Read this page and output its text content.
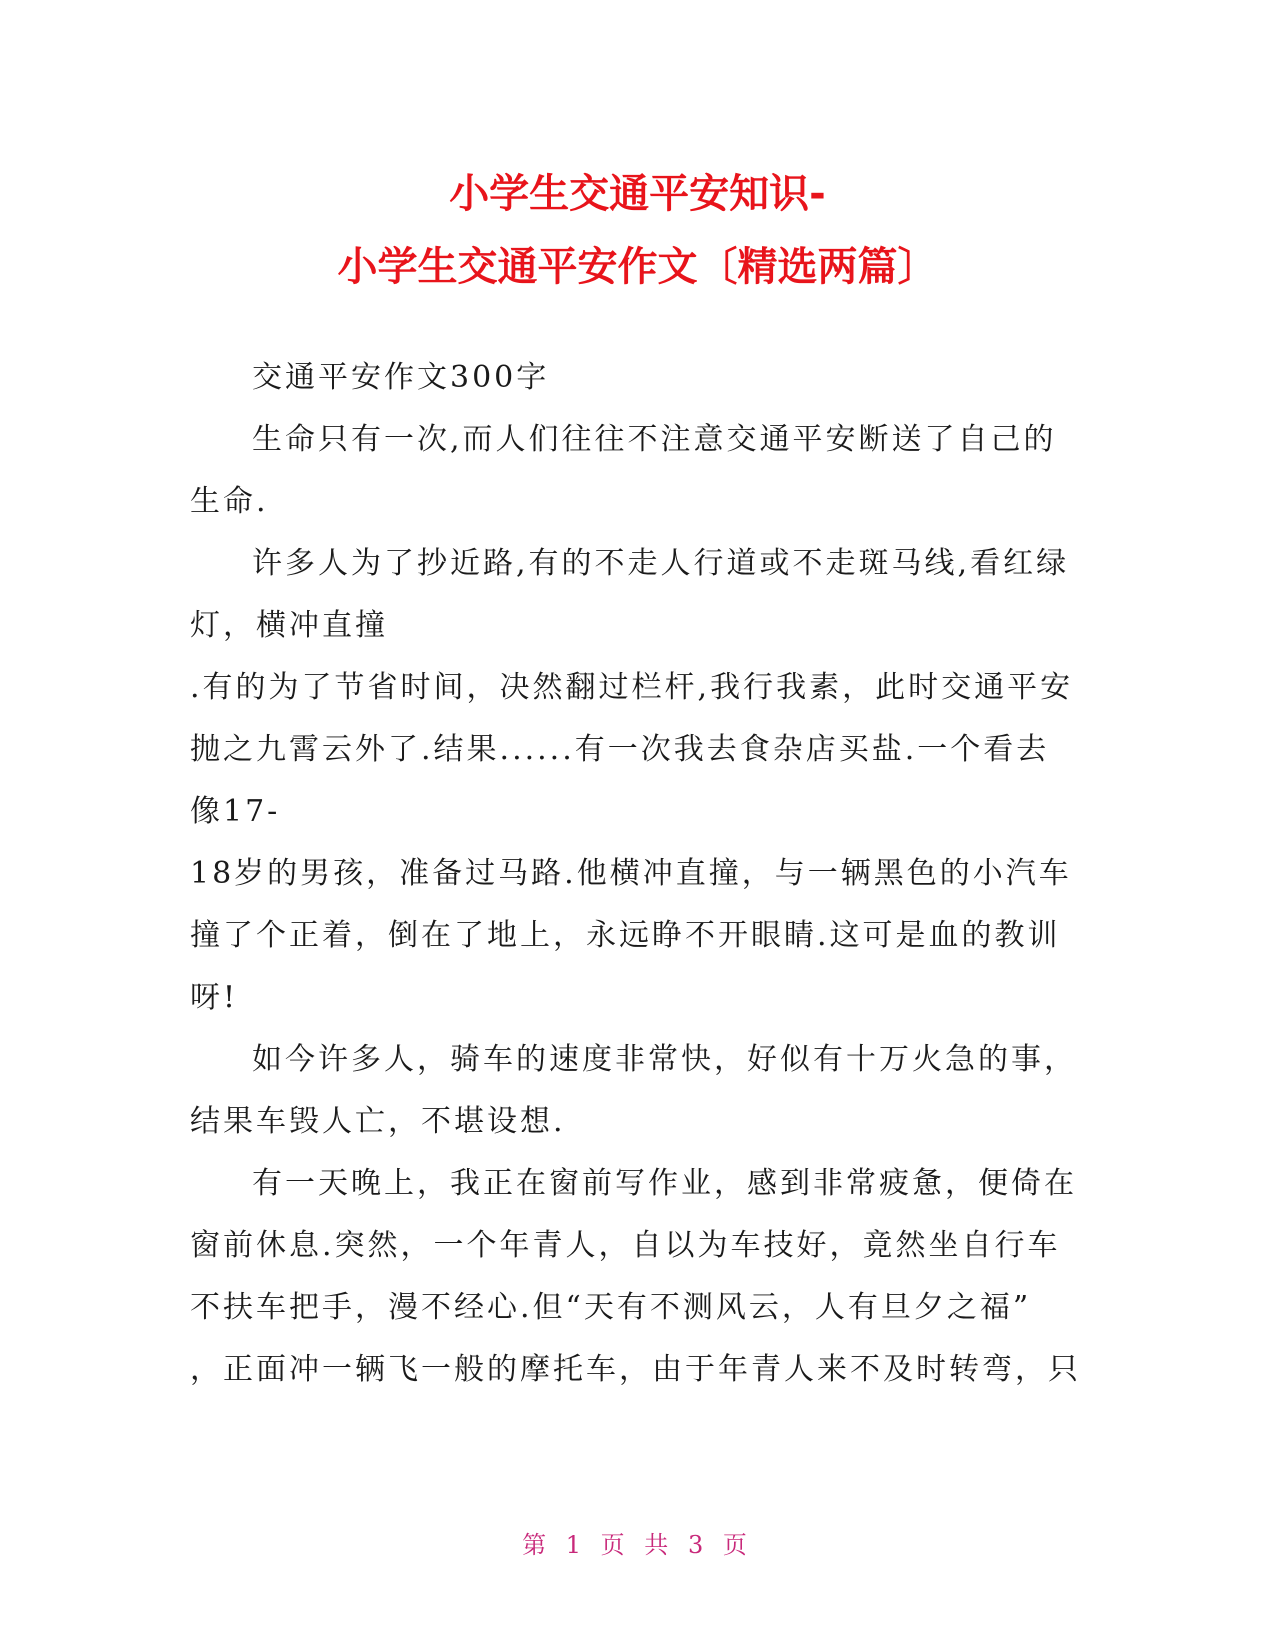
小学生交通平安知识-
小学生交通平安作文〔精选两篇〕

交通平安作文300字

生命只有一次,而人们往往不注意交通平安断送了自己的

生命.

许多人为了抄近路,有的不走人行道或不走斑马线,看红绿

灯，横冲直撞

.有的为了节省时间，决然翻过栏杆,我行我素，此时交通平安

抛之九霄云外了.结果......有一次我去食杂店买盐.一个看去

像17-

18岁的男孩，准备过马路.他横冲直撞，与一辆黑色的小汽车

撞了个正着，倒在了地上，永远睁不开眼睛.这可是血的教训

呀!

如今许多人，骑车的速度非常快，好似有十万火急的事，

结果车毁人亡，不堪设想.

有一天晚上，我正在窗前写作业，感到非常疲惫，便倚在

窗前休息.突然，一个年青人，自以为车技好，竟然坐自行车

不扶车把手，漫不经心.但“天有不测风云，人有旦夕之福”

，正面冲一辆飞一般的摩托车，由于年青人来不及时转弯，只

第 1 页 共 3 页
